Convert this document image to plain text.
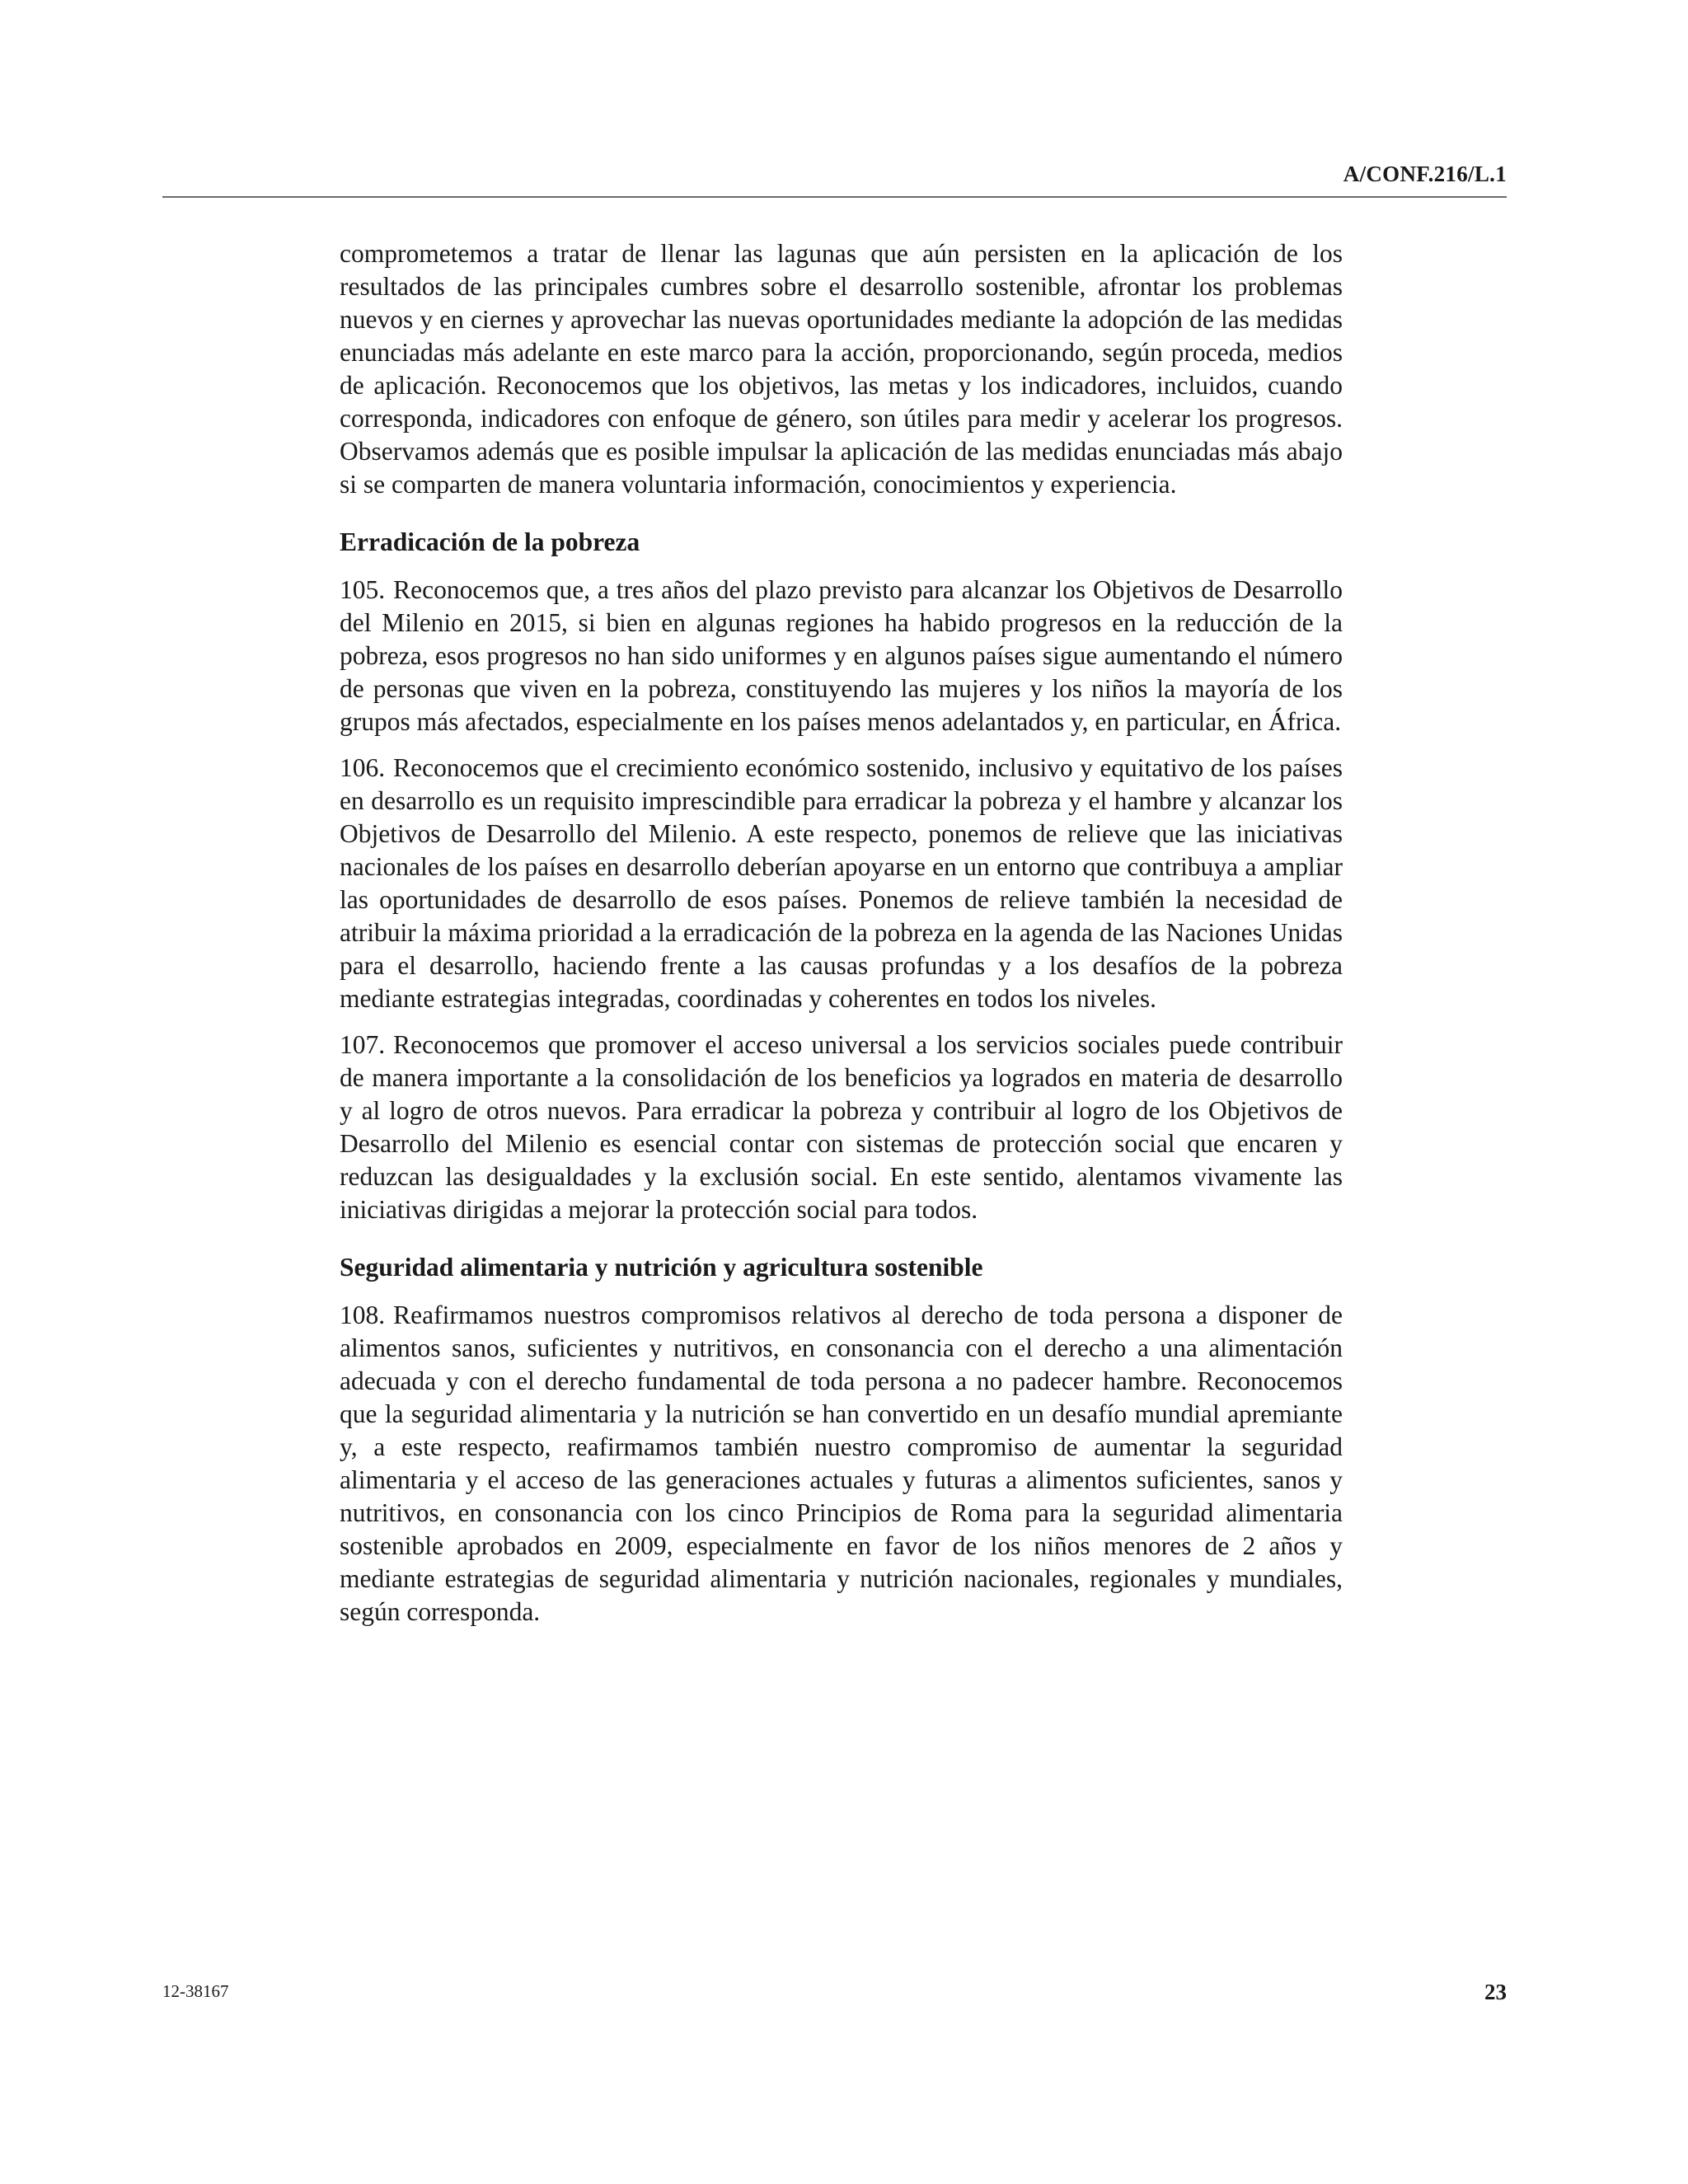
A/CONF.216/L.1

comprometemos a tratar de llenar las lagunas que aún persisten en la aplicación de los resultados de las principales cumbres sobre el desarrollo sostenible, afrontar los problemas nuevos y en ciernes y aprovechar las nuevas oportunidades mediante la adopción de las medidas enunciadas más adelante en este marco para la acción, proporcionando, según proceda, medios de aplicación. Reconocemos que los objetivos, las metas y los indicadores, incluidos, cuando corresponda, indicadores con enfoque de género, son útiles para medir y acelerar los progresos. Observamos además que es posible impulsar la aplicación de las medidas enunciadas más abajo si se comparten de manera voluntaria información, conocimientos y experiencia.

Erradicación de la pobreza

105. Reconocemos que, a tres años del plazo previsto para alcanzar los Objetivos de Desarrollo del Milenio en 2015, si bien en algunas regiones ha habido progresos en la reducción de la pobreza, esos progresos no han sido uniformes y en algunos países sigue aumentando el número de personas que viven en la pobreza, constituyendo las mujeres y los niños la mayoría de los grupos más afectados, especialmente en los países menos adelantados y, en particular, en África.

106. Reconocemos que el crecimiento económico sostenido, inclusivo y equitativo de los países en desarrollo es un requisito imprescindible para erradicar la pobreza y el hambre y alcanzar los Objetivos de Desarrollo del Milenio. A este respecto, ponemos de relieve que las iniciativas nacionales de los países en desarrollo deberían apoyarse en un entorno que contribuya a ampliar las oportunidades de desarrollo de esos países. Ponemos de relieve también la necesidad de atribuir la máxima prioridad a la erradicación de la pobreza en la agenda de las Naciones Unidas para el desarrollo, haciendo frente a las causas profundas y a los desafíos de la pobreza mediante estrategias integradas, coordinadas y coherentes en todos los niveles.

107. Reconocemos que promover el acceso universal a los servicios sociales puede contribuir de manera importante a la consolidación de los beneficios ya logrados en materia de desarrollo y al logro de otros nuevos. Para erradicar la pobreza y contribuir al logro de los Objetivos de Desarrollo del Milenio es esencial contar con sistemas de protección social que encaren y reduzcan las desigualdades y la exclusión social. En este sentido, alentamos vivamente las iniciativas dirigidas a mejorar la protección social para todos.

Seguridad alimentaria y nutrición y agricultura sostenible

108. Reafirmamos nuestros compromisos relativos al derecho de toda persona a disponer de alimentos sanos, suficientes y nutritivos, en consonancia con el derecho a una alimentación adecuada y con el derecho fundamental de toda persona a no padecer hambre. Reconocemos que la seguridad alimentaria y la nutrición se han convertido en un desafío mundial apremiante y, a este respecto, reafirmamos también nuestro compromiso de aumentar la seguridad alimentaria y el acceso de las generaciones actuales y futuras a alimentos suficientes, sanos y nutritivos, en consonancia con los cinco Principios de Roma para la seguridad alimentaria sostenible aprobados en 2009, especialmente en favor de los niños menores de 2 años y mediante estrategias de seguridad alimentaria y nutrición nacionales, regionales y mundiales, según corresponda.

12-38167	23
